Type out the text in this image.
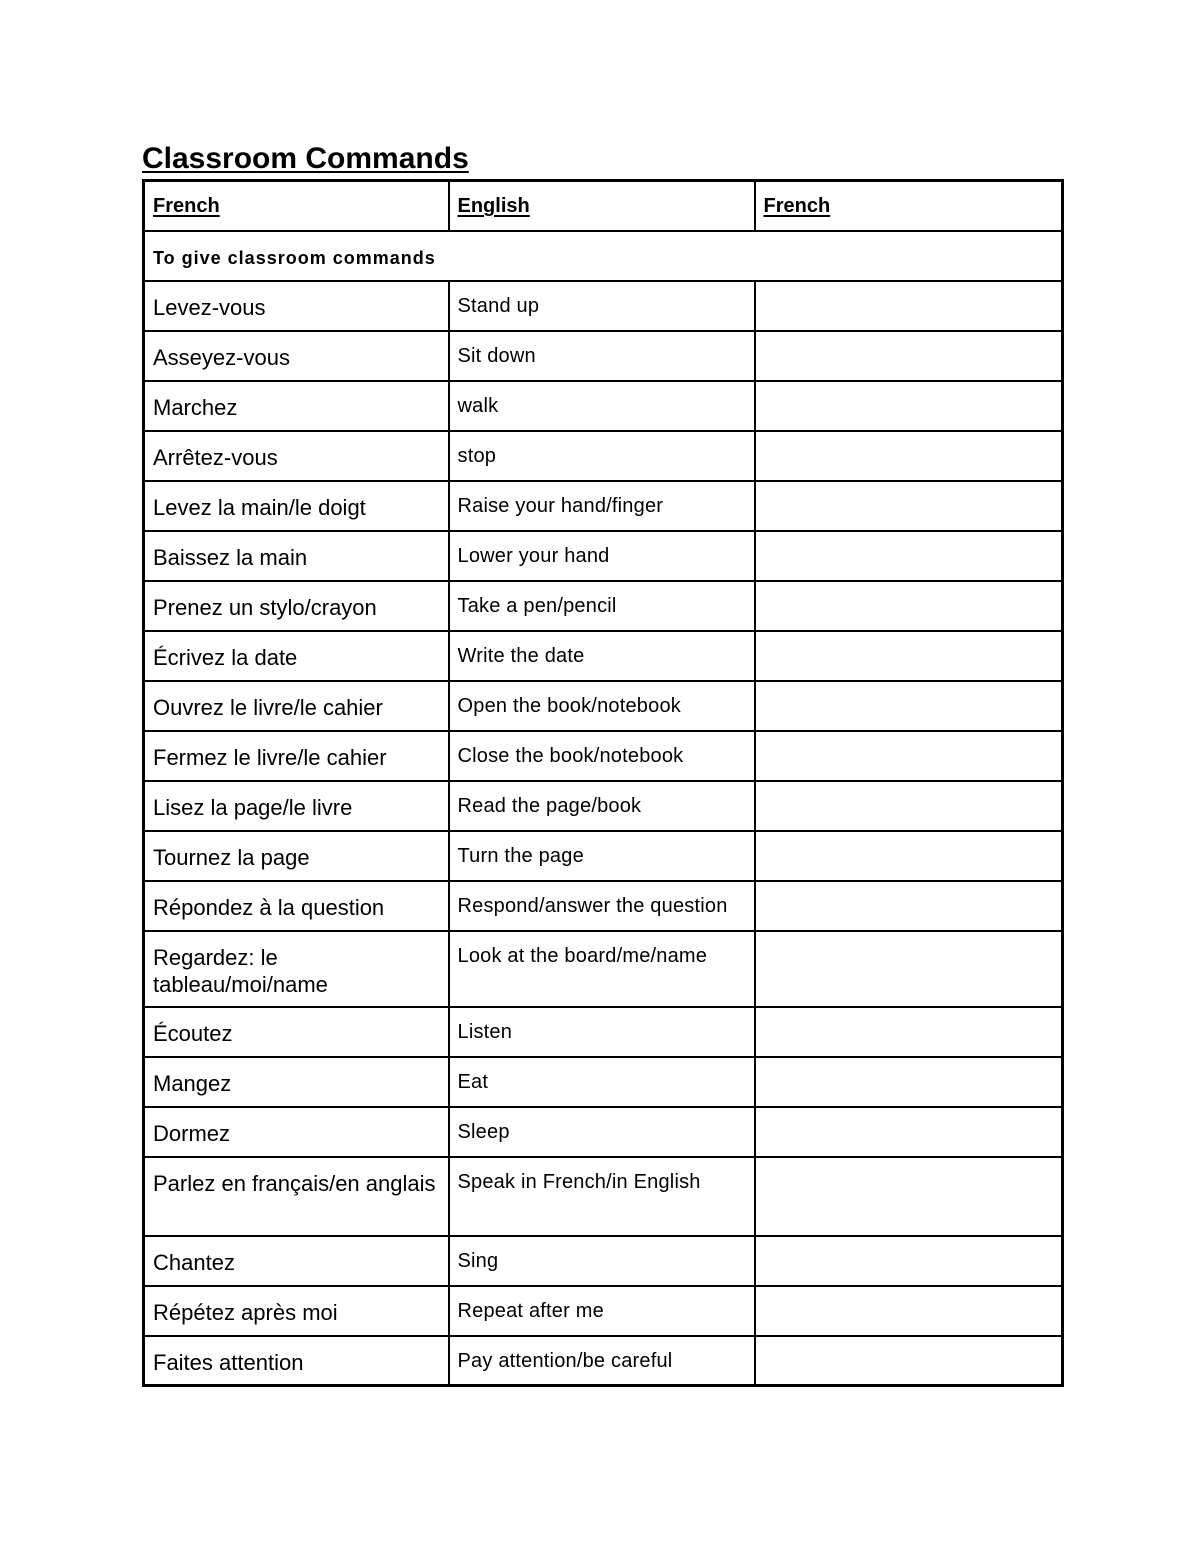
Classroom Commands
French	English	French
To give classroom commands		
Levez-vous	Stand up	
Asseyez-vous	Sit down	
Marchez	walk	
Arrêtez-vous	stop	
Levez la main/le doigt	Raise your hand/finger	
Baissez la main	Lower your hand	
Prenez un stylo/crayon	Take a pen/pencil	
Écrivez la date	Write the date	
Ouvrez le livre/le cahier	Open the book/notebook	
Fermez le livre/le cahier	Close the book/notebook	
Lisez la page/le livre	Read the page/book	
Tournez la page	Turn the page	
Répondez à la question	Respond/answer the question	
Regardez: le tableau/moi/name	Look at the board/me/name	
Écoutez	Listen	
Mangez	Eat	
Dormez	Sleep	
Parlez en français/en anglais	Speak in French/in English	
Chantez	Sing	
Répétez après moi	Repeat after me	
Faites attention	Pay attention/be careful	
